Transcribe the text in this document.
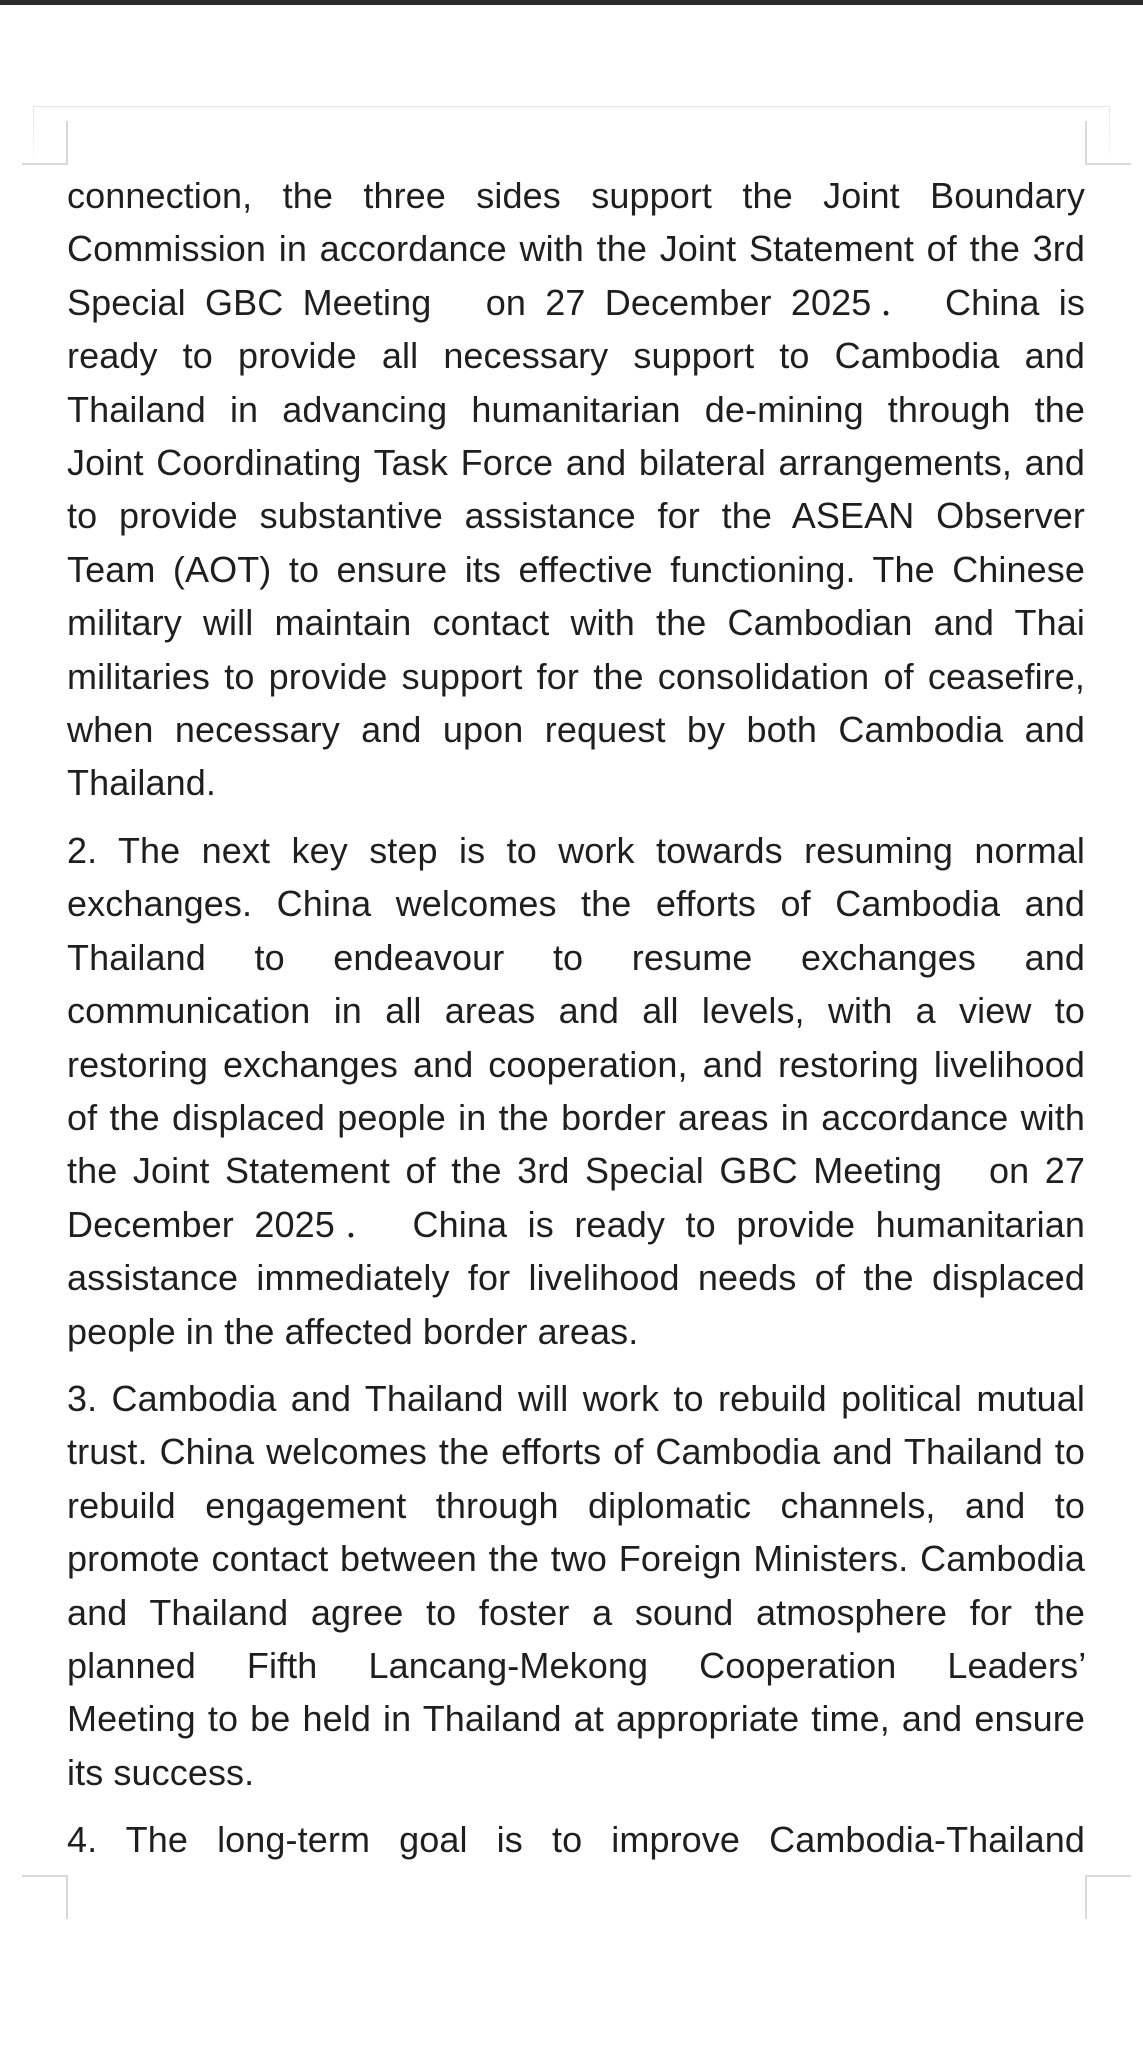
connection, the three sides support the Joint Boundary Commission in accordance with the Joint Statement of the 3rd Special GBC Meeting　on 27 December 2025． China is ready to provide all necessary support to Cambodia and Thailand in advancing humanitarian de-mining through the Joint Coordinating Task Force and bilateral arrangements, and to provide substantive assistance for the ASEAN Observer Team (AOT) to ensure its effective functioning. The Chinese military will maintain contact with the Cambodian and Thai militaries to provide support for the consolidation of ceasefire, when necessary and upon request by both Cambodia and Thailand.

2. The next key step is to work towards resuming normal exchanges. China welcomes the efforts of Cambodia and Thailand to endeavour to resume exchanges and communication in all areas and all levels, with a view to restoring exchanges and cooperation, and restoring livelihood of the displaced people in the border areas in accordance with the Joint Statement of the 3rd Special GBC Meeting　on 27 December 2025． China is ready to provide humanitarian assistance immediately for livelihood needs of the displaced people in the affected border areas.

3. Cambodia and Thailand will work to rebuild political mutual trust. China welcomes the efforts of Cambodia and Thailand to rebuild engagement through diplomatic channels, and to promote contact between the two Foreign Ministers. Cambodia and Thailand agree to foster a sound atmosphere for the planned Fifth Lancang-Mekong Cooperation Leaders’　Meeting to be held in Thailand at appropriate time, and ensure its success.

4. The long-term goal is to improve Cambodia-Thailand
